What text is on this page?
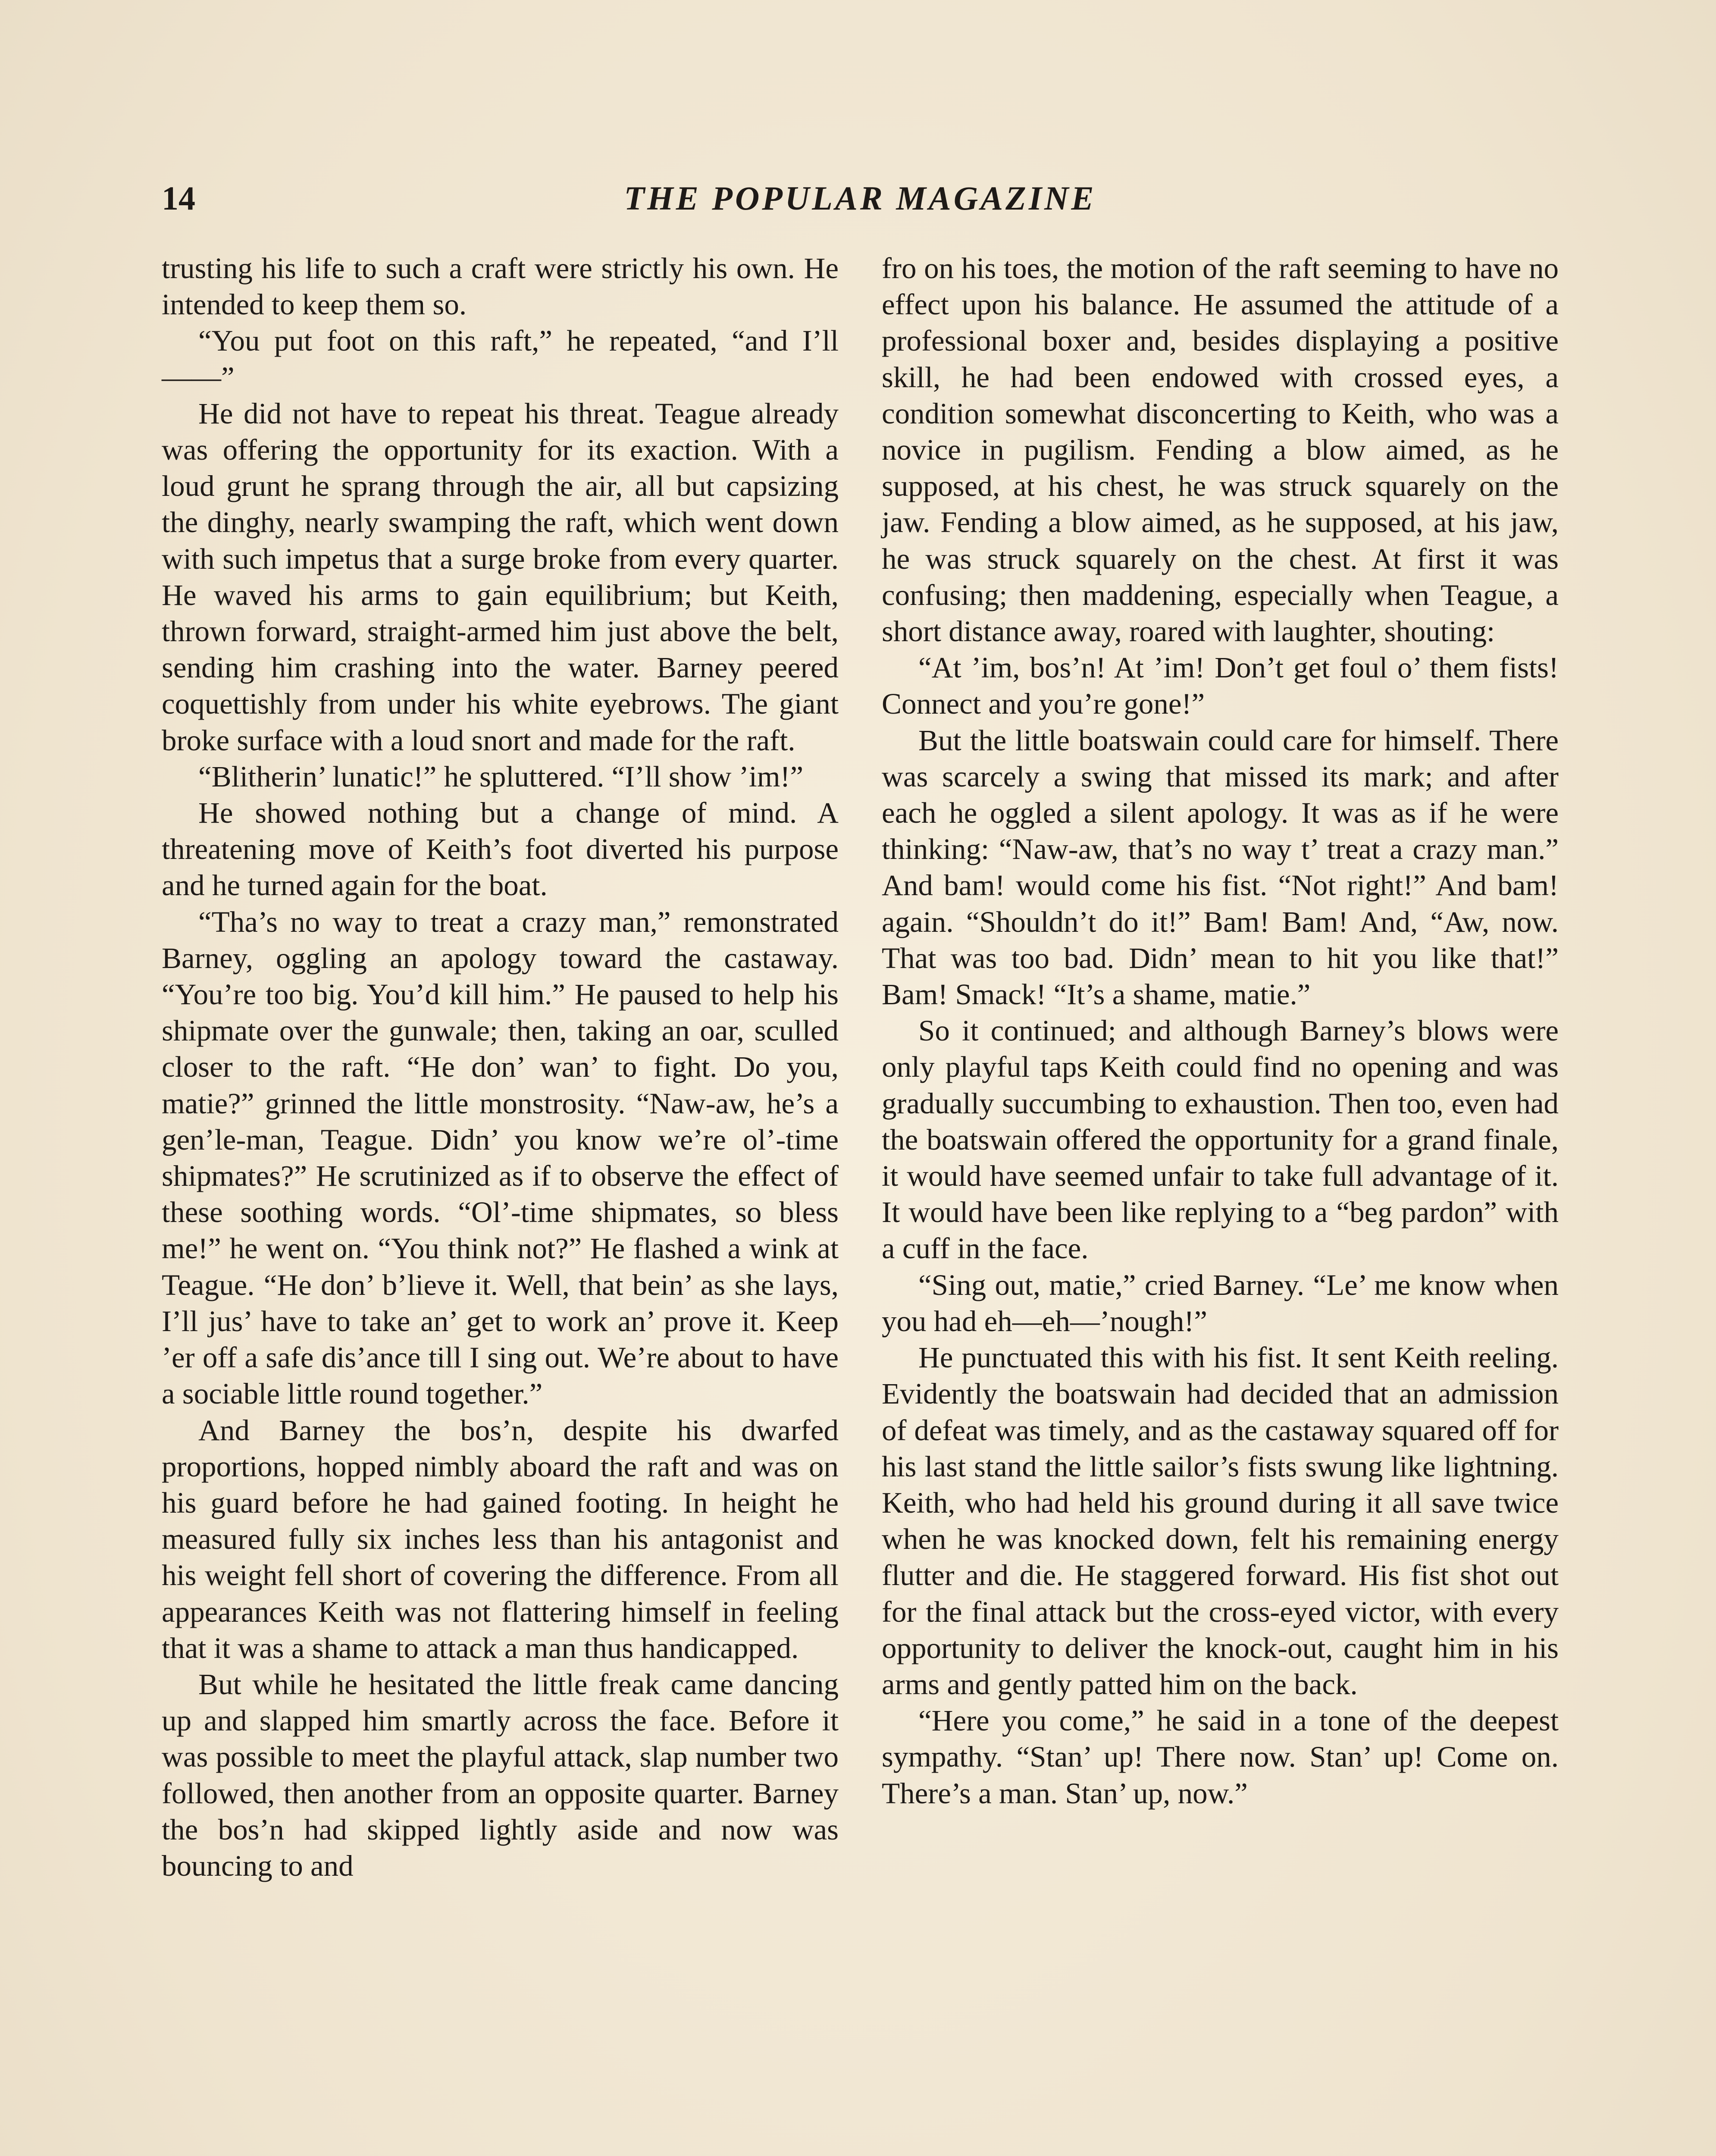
14	THE POPULAR MAGAZINE

trusting his life to such a craft were strictly his own. He intended to keep them so.

“You put foot on this raft,” he repeated, “and I’ll——”

He did not have to repeat his threat. Teague already was offering the opportunity for its exaction. With a loud grunt he sprang through the air, all but capsizing the dinghy, nearly swamping the raft, which went down with such impetus that a surge broke from every quarter. He waved his arms to gain equilibrium; but Keith, thrown forward, straight-armed him just above the belt, sending him crashing into the water. Barney peered coquettishly from under his white eyebrows. The giant broke surface with a loud snort and made for the raft.

“Blitherin’ lunatic!” he spluttered. “I’ll show ’im!”

He showed nothing but a change of mind. A threatening move of Keith’s foot diverted his purpose and he turned again for the boat.

“Tha’s no way to treat a crazy man,” remonstrated Barney, oggling an apology toward the castaway. “You’re too big. You’d kill him.” He paused to help his shipmate over the gunwale; then, taking an oar, sculled closer to the raft. “He don’ wan’ to fight. Do you, matie?” grinned the little monstrosity. “Naw-aw, he’s a gen’le-man, Teague. Didn’ you know we’re ol’-time shipmates?” He scrutinized as if to observe the effect of these soothing words. “Ol’-time shipmates, so bless me!” he went on. “You think not?” He flashed a wink at Teague. “He don’ b’lieve it. Well, that bein’ as she lays, I’ll jus’ have to take an’ get to work an’ prove it. Keep ’er off a safe dis’ance till I sing out. We’re about to have a sociable little round together.”

And Barney the bos’n, despite his dwarfed proportions, hopped nimbly aboard the raft and was on his guard before he had gained footing. In height he measured fully six inches less than his antagonist and his weight fell short of covering the difference. From all appearances Keith was not flattering himself in feeling that it was a shame to attack a man thus handicapped.

But while he hesitated the little freak came dancing up and slapped him smartly across the face. Before it was possible to meet the playful attack, slap number two followed, then another from an opposite quarter. Barney the bos’n had skipped lightly aside and now was bouncing to and

fro on his toes, the motion of the raft seeming to have no effect upon his balance. He assumed the attitude of a professional boxer and, besides displaying a positive skill, he had been endowed with crossed eyes, a condition somewhat disconcerting to Keith, who was a novice in pugilism. Fending a blow aimed, as he supposed, at his chest, he was struck squarely on the jaw. Fending a blow aimed, as he supposed, at his jaw, he was struck squarely on the chest. At first it was confusing; then maddening, especially when Teague, a short distance away, roared with laughter, shouting:

“At ’im, bos’n! At ’im! Don’t get foul o’ them fists! Connect and you’re gone!”

But the little boatswain could care for himself. There was scarcely a swing that missed its mark; and after each he oggled a silent apology. It was as if he were thinking: “Naw-aw, that’s no way t’ treat a crazy man.” And bam! would come his fist. “Not right!” And bam! again. “Shouldn’t do it!” Bam! Bam! And, “Aw, now. That was too bad. Didn’ mean to hit you like that!” Bam! Smack! “It’s a shame, matie.”

So it continued; and although Barney’s blows were only playful taps Keith could find no opening and was gradually succumbing to exhaustion. Then too, even had the boatswain offered the opportunity for a grand finale, it would have seemed unfair to take full advantage of it. It would have been like replying to a “beg pardon” with a cuff in the face.

“Sing out, matie,” cried Barney. “Le’ me know when you had eh—eh—’nough!”

He punctuated this with his fist. It sent Keith reeling. Evidently the boatswain had decided that an admission of defeat was timely, and as the castaway squared off for his last stand the little sailor’s fists swung like lightning. Keith, who had held his ground during it all save twice when he was knocked down, felt his remaining energy flutter and die. He staggered forward. His fist shot out for the final attack but the cross-eyed victor, with every opportunity to deliver the knock-out, caught him in his arms and gently patted him on the back.

“Here you come,” he said in a tone of the deepest sympathy. “Stan’ up! There now. Stan’ up! Come on. There’s a man. Stan’ up, now.”
